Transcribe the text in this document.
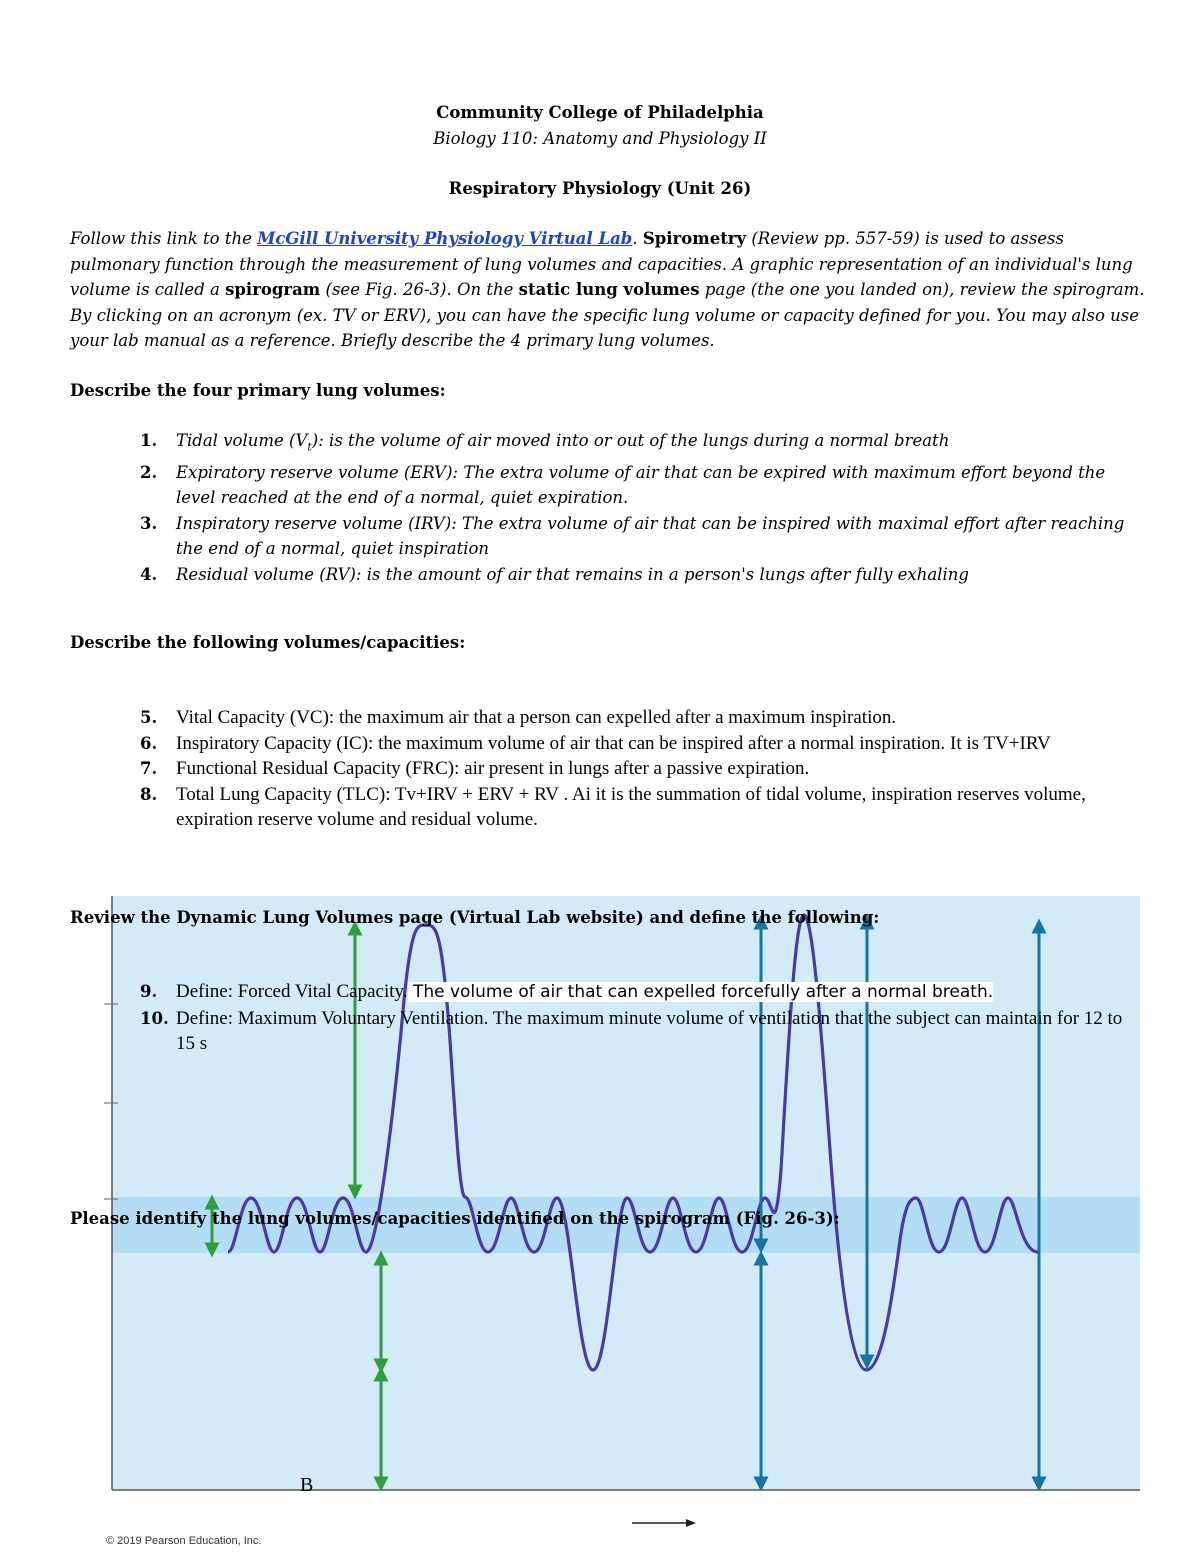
B
© 2019 Pearson Education, Inc.
Community College of Philadelphia
Biology 110: Anatomy and Physiology II
Respiratory Physiology (Unit 26)
Follow this link to the McGill University Physiology Virtual Lab. Spirometry (Review pp. 557-59) is used to assess pulmonary function through the measurement of lung volumes and capacities. A graphic representation of an individual's lung volume is called a spirogram (see Fig. 26-3). On the static lung volumes page (the one you landed on), review the spirogram. By clicking on an acronym (ex. TV or ERV), you can have the specific lung volume or capacity defined for you. You may also use your lab manual as a reference. Briefly describe the 4 primary lung volumes.
Describe the four primary lung volumes:
1. Tidal volume $(V_t)$: is the volume of air moved into or out of the lungs during a normal breath
2. Expiratory reserve volume (ERV): The extra volume of air that can be expired with maximum effort beyond the level reached at the end of a normal, quiet expiration.
3. Inspiratory reserve volume (IRV): The extra volume of air that can be inspired with maximal effort after reaching the end of a normal, quiet inspiration
4. Residual volume (RV): is the amount of air that remains in a person's lungs after fully exhaling
Describe the following volumes/capacities:
5. Vital Capacity (VC): the maximum air that a person can expelled after a maximum inspiration.
6. Inspiratory Capacity (IC): the maximum volume of air that can be inspired after a normal inspiration. It is TV+IRV
7. Functional Residual Capacity (FRC): air present in lungs after a passive expiration.
8. Total Lung Capacity (TLC): Tv+IRV + ERV + RV . Ai it is the summation of tidal volume, inspiration reserves volume, expiration reserve volume and residual volume.
Review the Dynamic Lung Volumes page (Virtual Lab website) and define the following:
9. Define: Forced Vital Capacity. The volume of air that can expelled forcefully after a normal breath.
10. Define: Maximum Voluntary Ventilation. The maximum minute volume of ventilation that the subject can maintain for 12 to 15 s
Please identify the lung volumes/capacities identified on the spirogram (Fig. 26-3):
